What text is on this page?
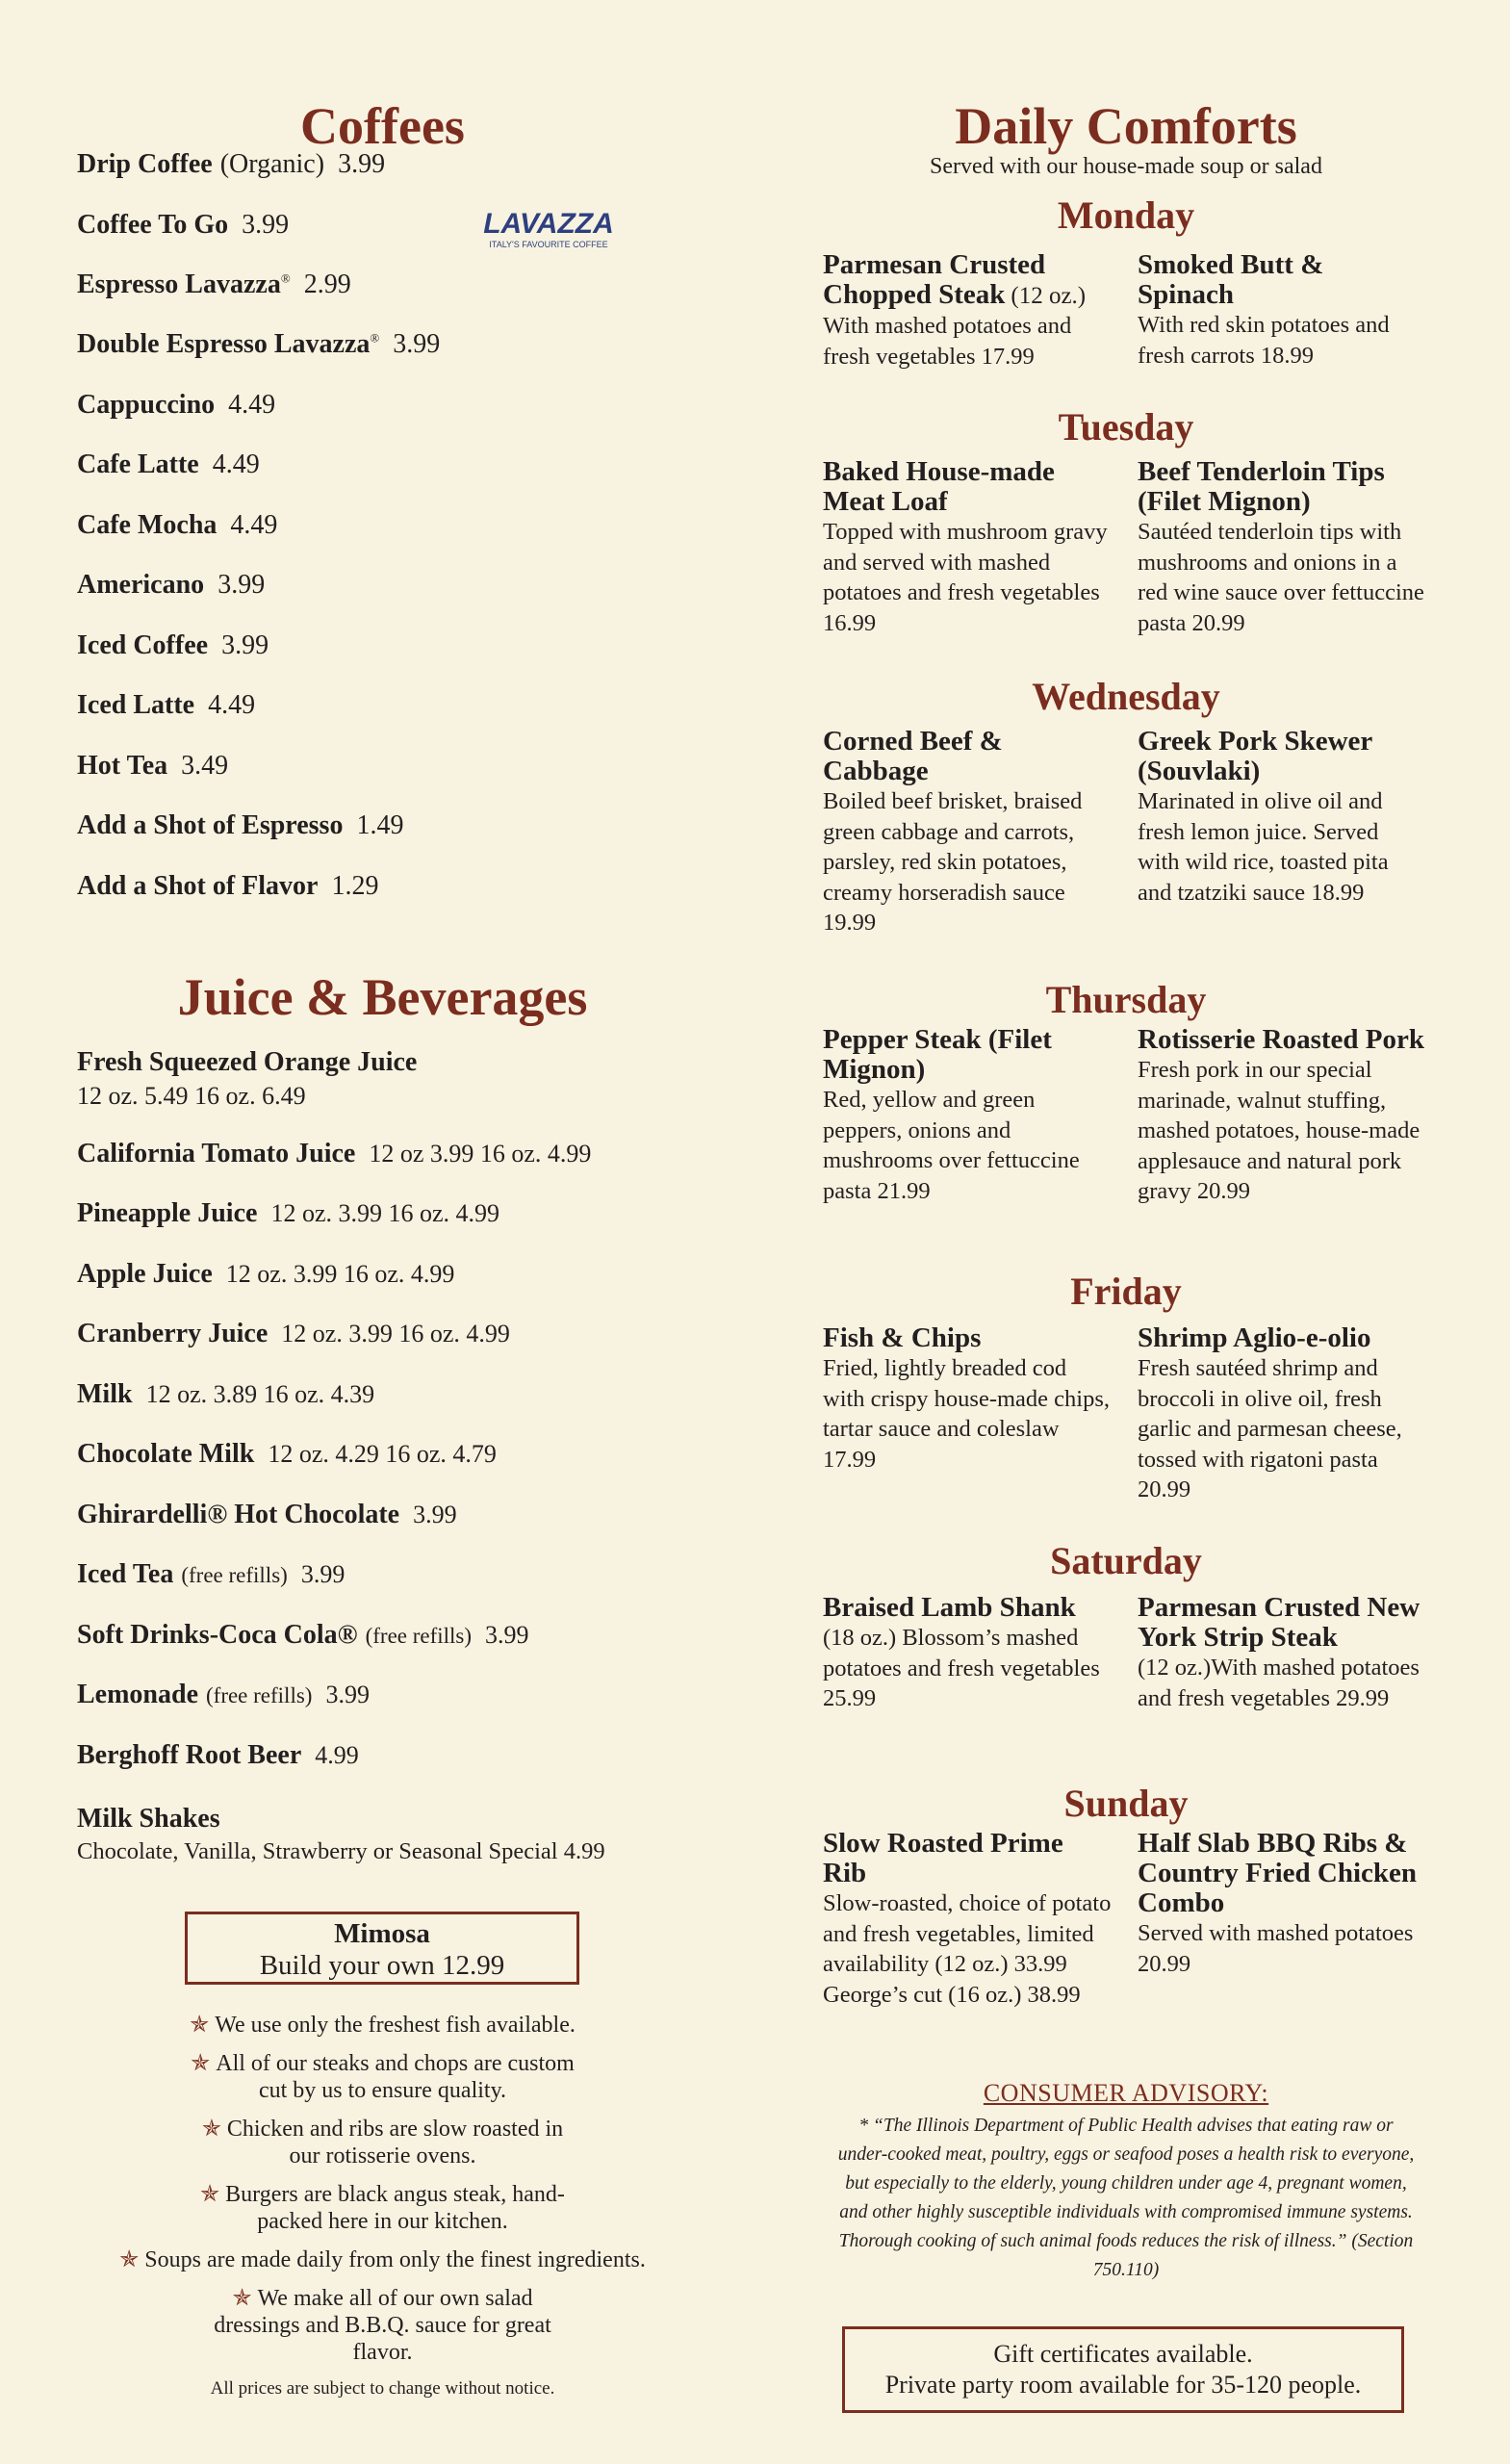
Coffees
LAVAZZA
ITALY'S FAVOURITE COFFEE
Drip Coffee (Organic) 3.99
Coffee To Go 3.99
Espresso Lavazza® 2.99
Double Espresso Lavazza® 3.99
Cappuccino 4.49
Cafe Latte 4.49
Cafe Mocha 4.49
Americano 3.99
Iced Coffee 3.99
Iced Latte 4.49
Hot Tea 3.49
Add a Shot of Espresso 1.49
Add a Shot of Flavor 1.29
Juice & Beverages
Fresh Squeezed Orange Juice
12 oz. 5.49 16 oz. 6.49
California Tomato Juice 12 oz 3.99 16 oz. 4.99
Pineapple Juice 12 oz. 3.99 16 oz. 4.99
Apple Juice 12 oz. 3.99 16 oz. 4.99
Cranberry Juice 12 oz. 3.99 16 oz. 4.99
Milk 12 oz. 3.89 16 oz. 4.39
Chocolate Milk 12 oz. 4.29 16 oz. 4.79
Ghirardelli® Hot Chocolate 3.99
Iced Tea (free refills) 3.99
Soft Drinks-Coca Cola® (free refills) 3.99
Lemonade (free refills) 3.99
Berghoff Root Beer 4.99
Milk Shakes
Chocolate, Vanilla, Strawberry or Seasonal Special 4.99
Mimosa
Build your own 12.99
✯ We use only the freshest fish available.
✯ All of our steaks and chops are custom cut by us to ensure quality.
✯ Chicken and ribs are slow roasted in our rotisserie ovens.
✯ Burgers are black angus steak, hand-packed here in our kitchen.
✯ Soups are made daily from only the finest ingredients.
✯ We make all of our own salad dressings and B.B.Q. sauce for great flavor.
All prices are subject to change without notice.
Daily Comforts
Served with our house-made soup or salad
Monday
Parmesan Crusted Chopped Steak (12 oz.)
With mashed potatoes and fresh vegetables 17.99
Smoked Butt & Spinach
With red skin potatoes and fresh carrots 18.99
Tuesday
Baked House-made Meat Loaf
Topped with mushroom gravy and served with mashed potatoes and fresh vegetables 16.99
Beef Tenderloin Tips (Filet Mignon)
Sautéed tenderloin tips with mushrooms and onions in a red wine sauce over fettuccine pasta 20.99
Wednesday
Corned Beef & Cabbage
Boiled beef brisket, braised green cabbage and carrots, parsley, red skin potatoes, creamy horseradish sauce 19.99
Greek Pork Skewer (Souvlaki)
Marinated in olive oil and fresh lemon juice. Served with wild rice, toasted pita and tzatziki sauce 18.99
Thursday
Pepper Steak (Filet Mignon)
Red, yellow and green peppers, onions and mushrooms over fettuccine pasta 21.99
Rotisserie Roasted Pork
Fresh pork in our special marinade, walnut stuffing, mashed potatoes, house-made applesauce and natural pork gravy 20.99
Friday
Fish & Chips
Fried, lightly breaded cod with crispy house-made chips, tartar sauce and coleslaw 17.99
Shrimp Aglio-e-olio
Fresh sautéed shrimp and broccoli in olive oil, fresh garlic and parmesan cheese, tossed with rigatoni pasta 20.99
Saturday
Braised Lamb Shank
(18 oz.) Blossom’s mashed potatoes and fresh vegetables 25.99
Parmesan Crusted New York Strip Steak
(12 oz.)With mashed potatoes and fresh vegetables 29.99
Sunday
Slow Roasted Prime Rib
Slow-roasted, choice of potato and fresh vegetables, limited availability (12 oz.) 33.99 George’s cut (16 oz.) 38.99
Half Slab BBQ Ribs & Country Fried Chicken Combo
Served with mashed potatoes 20.99
CONSUMER ADVISORY:
* “The Illinois Department of Public Health advises that eating raw or under-cooked meat, poultry, eggs or seafood poses a health risk to everyone, but especially to the elderly, young children under age 4, pregnant women, and other highly susceptible individuals with compromised immune systems. Thorough cooking of such animal foods reduces the risk of illness.” (Section 750.110)
Gift certificates available.
Private party room available for 35-120 people.
